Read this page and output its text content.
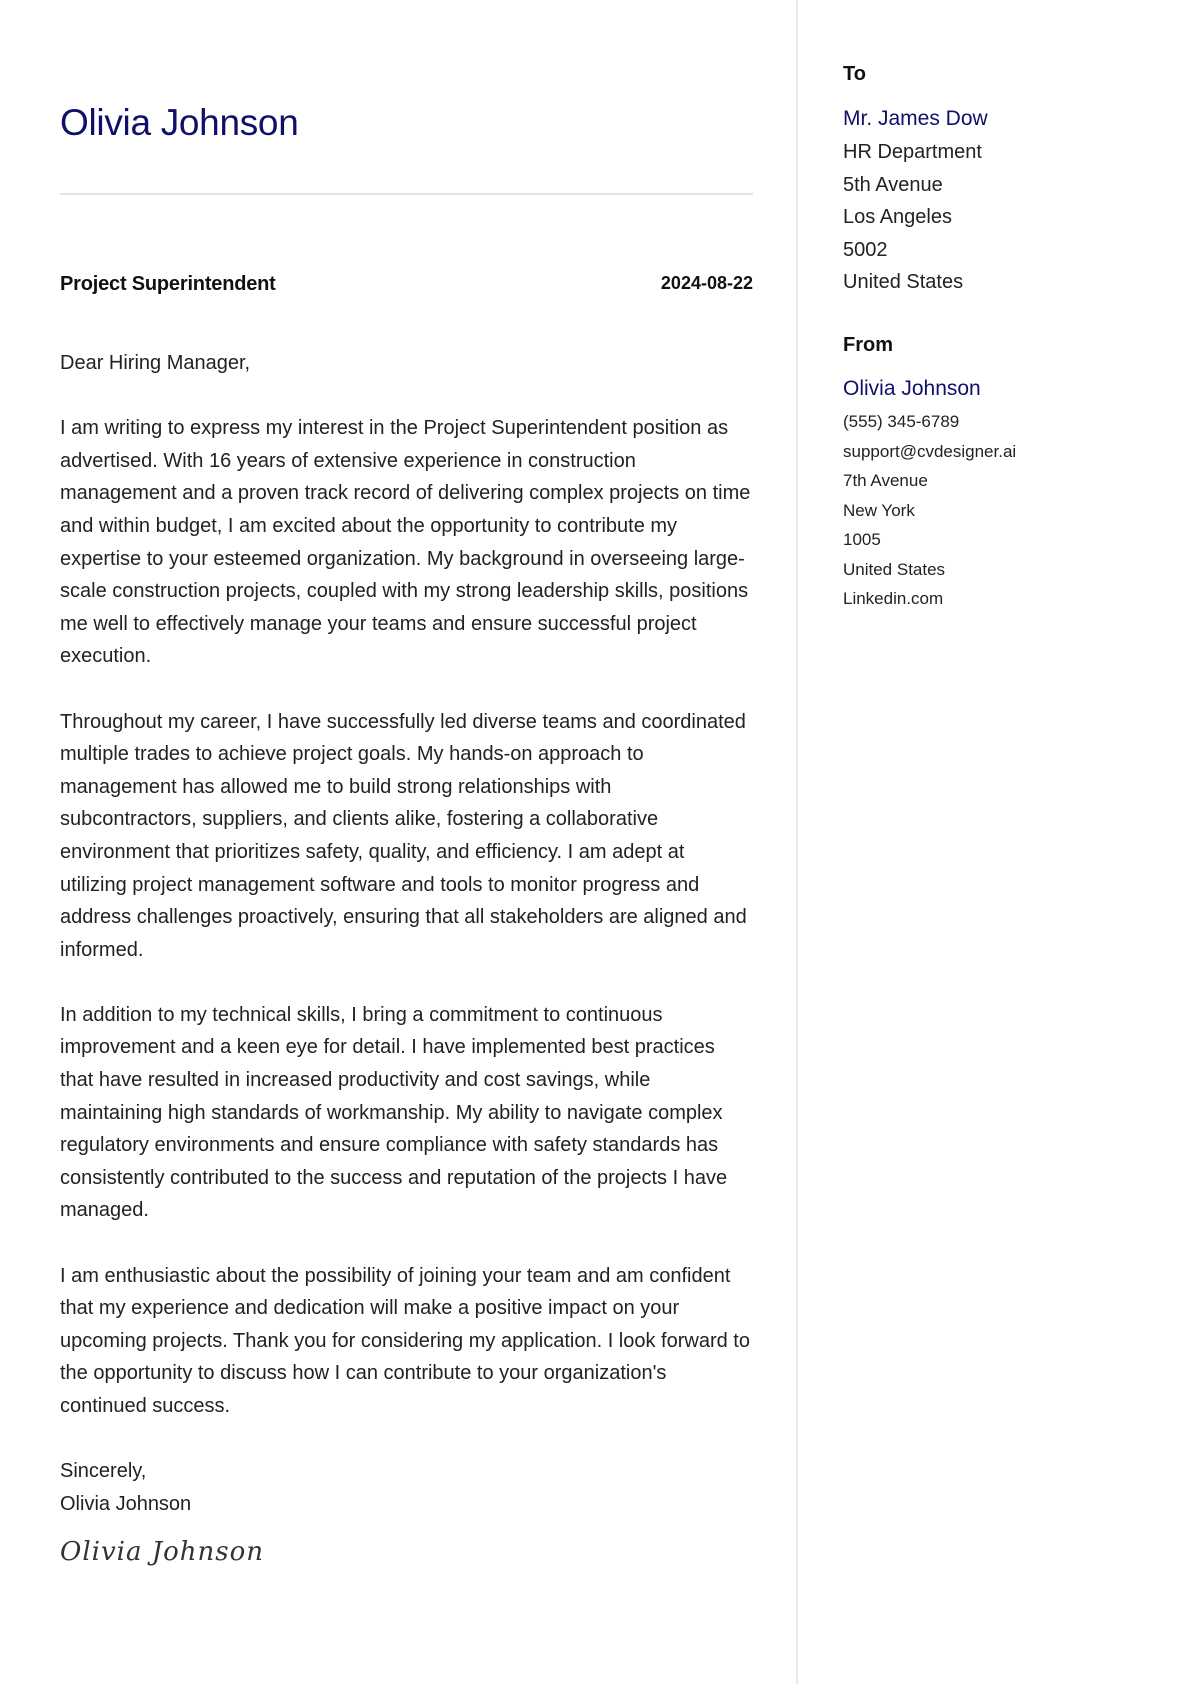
Olivia Johnson
Project Superintendent	2024-08-22

Dear Hiring Manager,

I am writing to express my interest in the Project Superintendent position as advertised. With 16 years of extensive experience in construction management and a proven track record of delivering complex projects on time and within budget, I am excited about the opportunity to contribute my expertise to your esteemed organization. My background in overseeing large-scale construction projects, coupled with my strong leadership skills, positions me well to effectively manage your teams and ensure successful project execution.

Throughout my career, I have successfully led diverse teams and coordinated multiple trades to achieve project goals. My hands-on approach to management has allowed me to build strong relationships with subcontractors, suppliers, and clients alike, fostering a collaborative environment that prioritizes safety, quality, and efficiency. I am adept at utilizing project management software and tools to monitor progress and address challenges proactively, ensuring that all stakeholders are aligned and informed.

In addition to my technical skills, I bring a commitment to continuous improvement and a keen eye for detail. I have implemented best practices that have resulted in increased productivity and cost savings, while maintaining high standards of workmanship. My ability to navigate complex regulatory environments and ensure compliance with safety standards has consistently contributed to the success and reputation of the projects I have managed.

I am enthusiastic about the possibility of joining your team and am confident that my experience and dedication will make a positive impact on your upcoming projects. Thank you for considering my application. I look forward to the opportunity to discuss how I can contribute to your organization's continued success.

Sincerely,
Olivia Johnson
Olivia Johnson
To
Mr. James Dow
HR Department
5th Avenue
Los Angeles
5002
United States
From
Olivia Johnson
(555) 345-6789
support@cvdesigner.ai
7th Avenue
New York
1005
United States
Linkedin.com
